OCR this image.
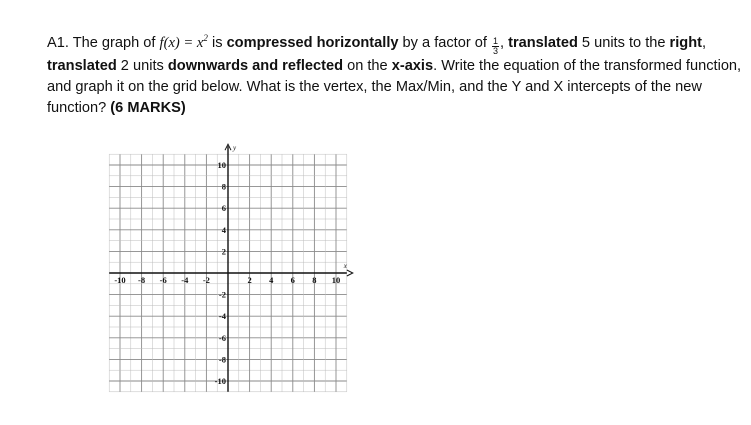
A1. The graph of $f(x) = x^2$ is compressed horizontally by a factor of $\frac{1}{3}$ , translated 5 units to the right, translated 2 units downwards and reflected on the x-axis. Write the equation of the transformed function, and graph it on the grid below. What is the vertex, the Max/Min, and the Y and X intercepts of the new function? (6 MARKS)

x
y
-10 -8 -6 -4 -2	2 4 6 8 10
10
8
6
4
2
-2
-4
-6
-8
-10
